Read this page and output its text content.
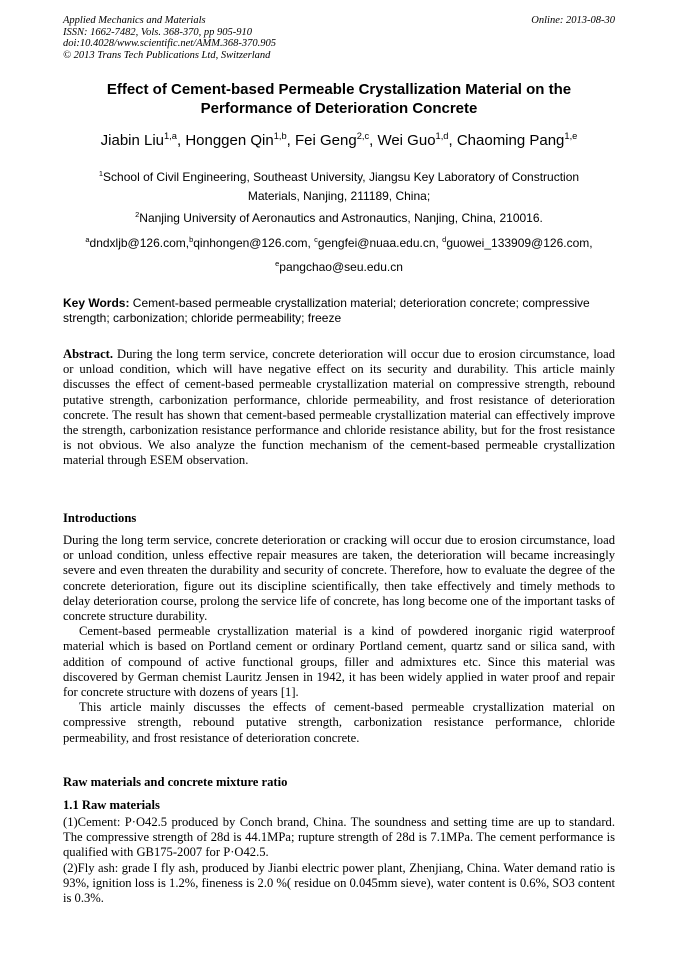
Applied Mechanics and Materials
ISSN: 1662-7482, Vols. 368-370, pp 905-910
doi:10.4028/www.scientific.net/AMM.368-370.905
© 2013 Trans Tech Publications Ltd, Switzerland
Online: 2013-08-30
Effect of Cement-based Permeable Crystallization Material on the
Performance of Deterioration Concrete
Jiabin Liu$^{1,a}$, Honggen Qin$^{1,b}$, Fei Geng$^{2,c}$, Wei Guo$^{1,d}$, Chaoming Pang$^{1,e}$
$^1$School of Civil Engineering, Southeast University, Jiangsu Key Laboratory of Construction
Materials, Nanjing, 211189, China;
$^2$Nanjing University of Aeronautics and Astronautics, Nanjing, China, 210016.
$^a$dndxljb@126.com,$^b$qinhongen@126.com, $^c$gengfei@nuaa.edu.cn, $^d$guowei_133909@126.com,
$^e$pangchao@seu.edu.cn
Key Words: Cement-based permeable crystallization material; deterioration concrete; compressive strength; carbonization; chloride permeability; freeze

Abstract. During the long term service, concrete deterioration will occur due to erosion circumstance, load or unload condition, which will have negative effect on its security and durability. This article mainly discusses the effect of cement-based permeable crystallization material on compressive strength, rebound putative strength, carbonization performance, chloride permeability, and frost resistance of deterioration concrete. The result has shown that cement-based permeable crystallization material can effectively improve the strength, carbonization resistance performance and chloride resistance ability, but for the frost resistance is not obvious. We also analyze the function mechanism of the cement-based permeable crystallization material through ESEM observation.

Introductions

During the long term service, concrete deterioration or cracking will occur due to erosion circumstance, load or unload condition, unless effective repair measures are taken, the deterioration will became increasingly severe and even threaten the durability and security of concrete. Therefore, how to evaluate the degree of the concrete deterioration, figure out its discipline scientifically, then take effectively and timely methods to delay deterioration course, prolong the service life of concrete, has long become one of the important tasks of concrete structure durability.

Cement-based permeable crystallization material is a kind of powdered inorganic rigid waterproof material which is based on Portland cement or ordinary Portland cement, quartz sand or silica sand, with addition of compound of active functional groups, filler and admixtures etc. Since this material was discovered by German chemist Lauritz Jensen in 1942, it has been widely applied in water proof and repair for concrete structure with dozens of years [1].

This article mainly discusses the effects of cement-based permeable crystallization material on compressive strength, rebound putative strength, carbonization resistance performance, chloride permeability, and frost resistance of deterioration concrete.

Raw materials and concrete mixture ratio
1.1 Raw materials

(1)Cement: P·O42.5 produced by Conch brand, China. The soundness and setting time are up to standard. The compressive strength of 28d is 44.1MPa; rupture strength of 28d is 7.1MPa. The cement performance is qualified with GB175-2007 for P·O42.5.

(2)Fly ash: grade I fly ash, produced by Jianbi electric power plant, Zhenjiang, China. Water demand ratio is 93%, ignition loss is 1.2%, fineness is 2.0 %( residue on 0.045mm sieve), water content is 0.6%, SO3 content is 0.3%.
